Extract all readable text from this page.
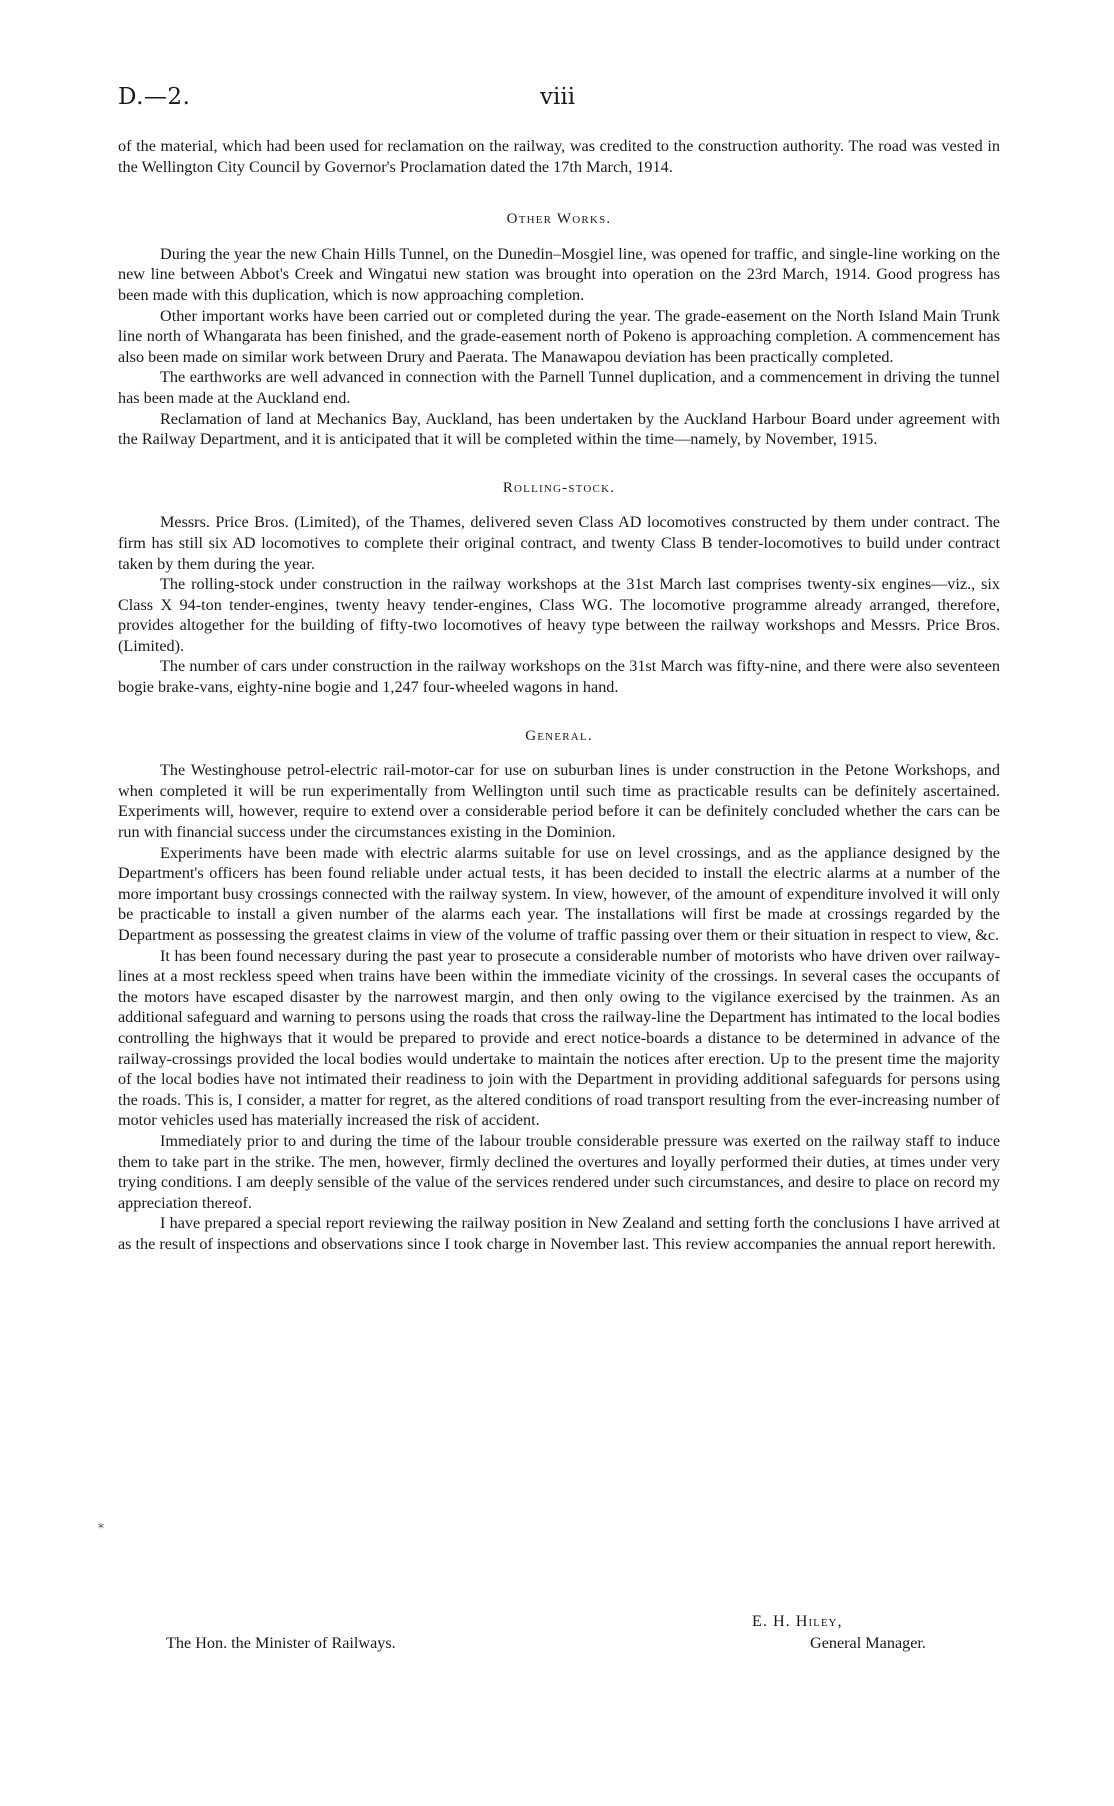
D.—2.	viii

of the material, which had been used for reclamation on the railway, was credited to the construction authority. The road was vested in the Wellington City Council by Governor's Proclamation dated the 17th March, 1914.

Other Works.

During the year the new Chain Hills Tunnel, on the Dunedin–Mosgiel line, was opened for traffic, and single-line working on the new line between Abbot's Creek and Wingatui new station was brought into operation on the 23rd March, 1914. Good progress has been made with this duplication, which is now approaching completion.

Other important works have been carried out or completed during the year. The grade-easement on the North Island Main Trunk line north of Whangarata has been finished, and the grade-easement north of Pokeno is approaching completion. A commencement has also been made on similar work between Drury and Paerata. The Manawapou deviation has been practically completed.

The earthworks are well advanced in connection with the Parnell Tunnel duplication, and a commencement in driving the tunnel has been made at the Auckland end.

Reclamation of land at Mechanics Bay, Auckland, has been undertaken by the Auckland Harbour Board under agreement with the Railway Department, and it is anticipated that it will be completed within the time—namely, by November, 1915.

Rolling-stock.

Messrs. Price Bros. (Limited), of the Thames, delivered seven Class AD locomotives constructed by them under contract. The firm has still six AD locomotives to complete their original contract, and twenty Class B tender-locomotives to build under contract taken by them during the year.

The rolling-stock under construction in the railway workshops at the 31st March last comprises twenty-six engines—viz., six Class X 94-ton tender-engines, twenty heavy tender-engines, Class WG. The locomotive programme already arranged, therefore, provides altogether for the building of fifty-two locomotives of heavy type between the railway workshops and Messrs. Price Bros. (Limited).

The number of cars under construction in the railway workshops on the 31st March was fifty-nine, and there were also seventeen bogie brake-vans, eighty-nine bogie and 1,247 four-wheeled wagons in hand.

General.

The Westinghouse petrol-electric rail-motor-car for use on suburban lines is under construction in the Petone Workshops, and when completed it will be run experimentally from Wellington until such time as practicable results can be definitely ascertained. Experiments will, however, require to extend over a considerable period before it can be definitely concluded whether the cars can be run with financial success under the circumstances existing in the Dominion.

Experiments have been made with electric alarms suitable for use on level crossings, and as the appliance designed by the Department's officers has been found reliable under actual tests, it has been decided to install the electric alarms at a number of the more important busy crossings connected with the railway system. In view, however, of the amount of expenditure involved it will only be practicable to install a given number of the alarms each year. The installations will first be made at crossings regarded by the Department as possessing the greatest claims in view of the volume of traffic passing over them or their situation in respect to view, &c.

It has been found necessary during the past year to prosecute a considerable number of motorists who have driven over railway-lines at a most reckless speed when trains have been within the immediate vicinity of the crossings. In several cases the occupants of the motors have escaped disaster by the narrowest margin, and then only owing to the vigilance exercised by the trainmen. As an additional safeguard and warning to persons using the roads that cross the railway-line the Department has intimated to the local bodies controlling the highways that it would be prepared to provide and erect notice-boards a distance to be determined in advance of the railway-crossings provided the local bodies would undertake to maintain the notices after erection. Up to the present time the majority of the local bodies have not intimated their readiness to join with the Department in providing additional safeguards for persons using the roads. This is, I consider, a matter for regret, as the altered conditions of road transport resulting from the ever-increasing number of motor vehicles used has materially increased the risk of accident.

Immediately prior to and during the time of the labour trouble considerable pressure was exerted on the railway staff to induce them to take part in the strike. The men, however, firmly declined the overtures and loyally performed their duties, at times under very trying conditions. I am deeply sensible of the value of the services rendered under such circumstances, and desire to place on record my appreciation thereof.

I have prepared a special report reviewing the railway position in New Zealand and setting forth the conclusions I have arrived at as the result of inspections and observations since I took charge in November last. This review accompanies the annual report herewith.

*
E. H. Hiley,
The Hon. the Minister of Railways.	General Manager.
